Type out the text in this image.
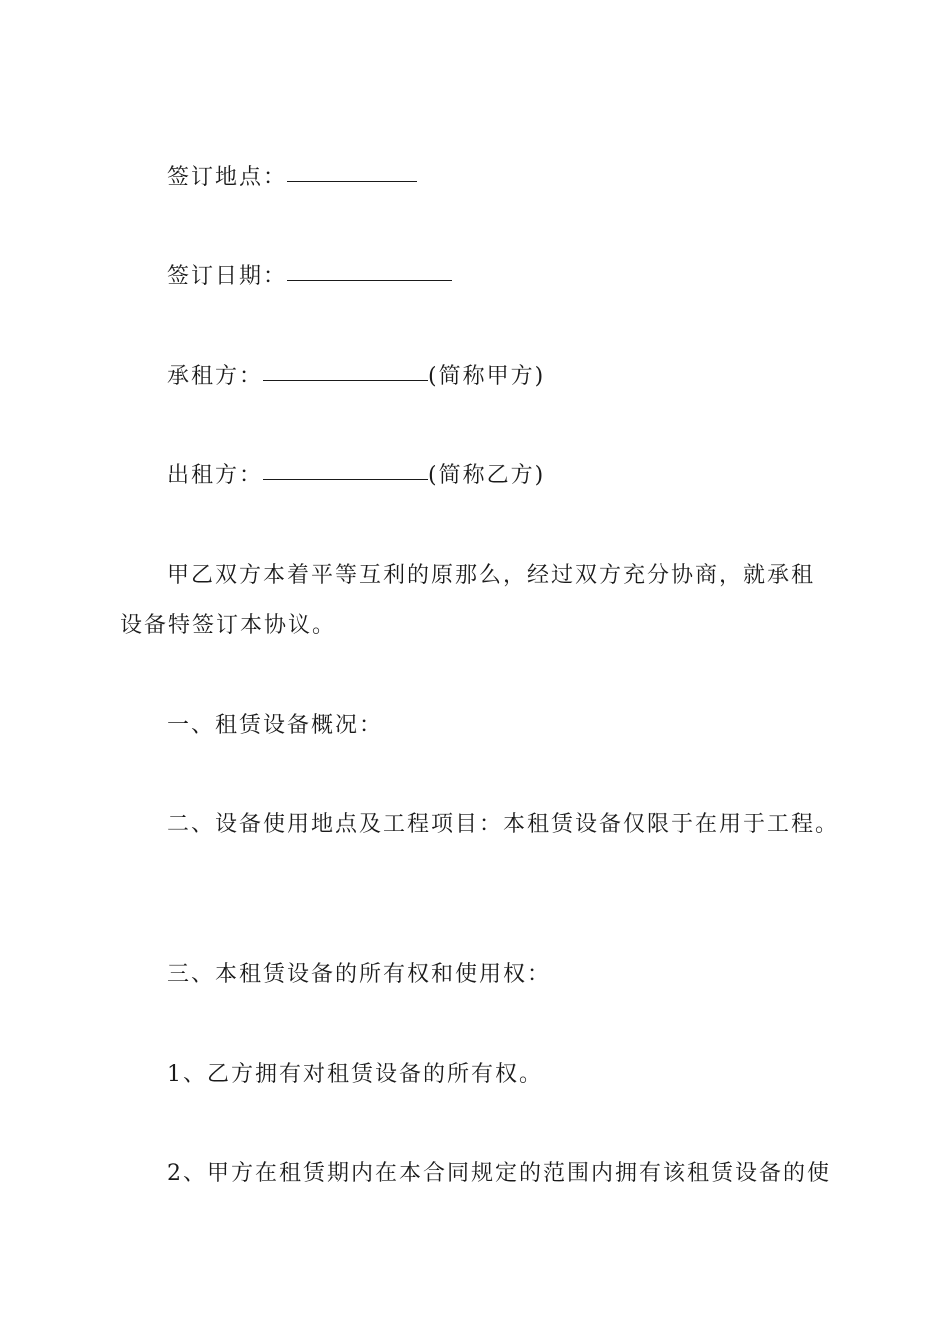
签订地点：
签订日期：
承租方：	(简称甲方)
出租方：	(简称乙方)
甲乙双方本着平等互利的原那么，经过双方充分协商，就承租
设备特签订本协议。
一、租赁设备概况：
二、设备使用地点及工程项目：本租赁设备仅限于在用于工程。
三、本租赁设备的所有权和使用权：
1、乙方拥有对租赁设备的所有权。
2、甲方在租赁期内在本合同规定的范围内拥有该租赁设备的使
